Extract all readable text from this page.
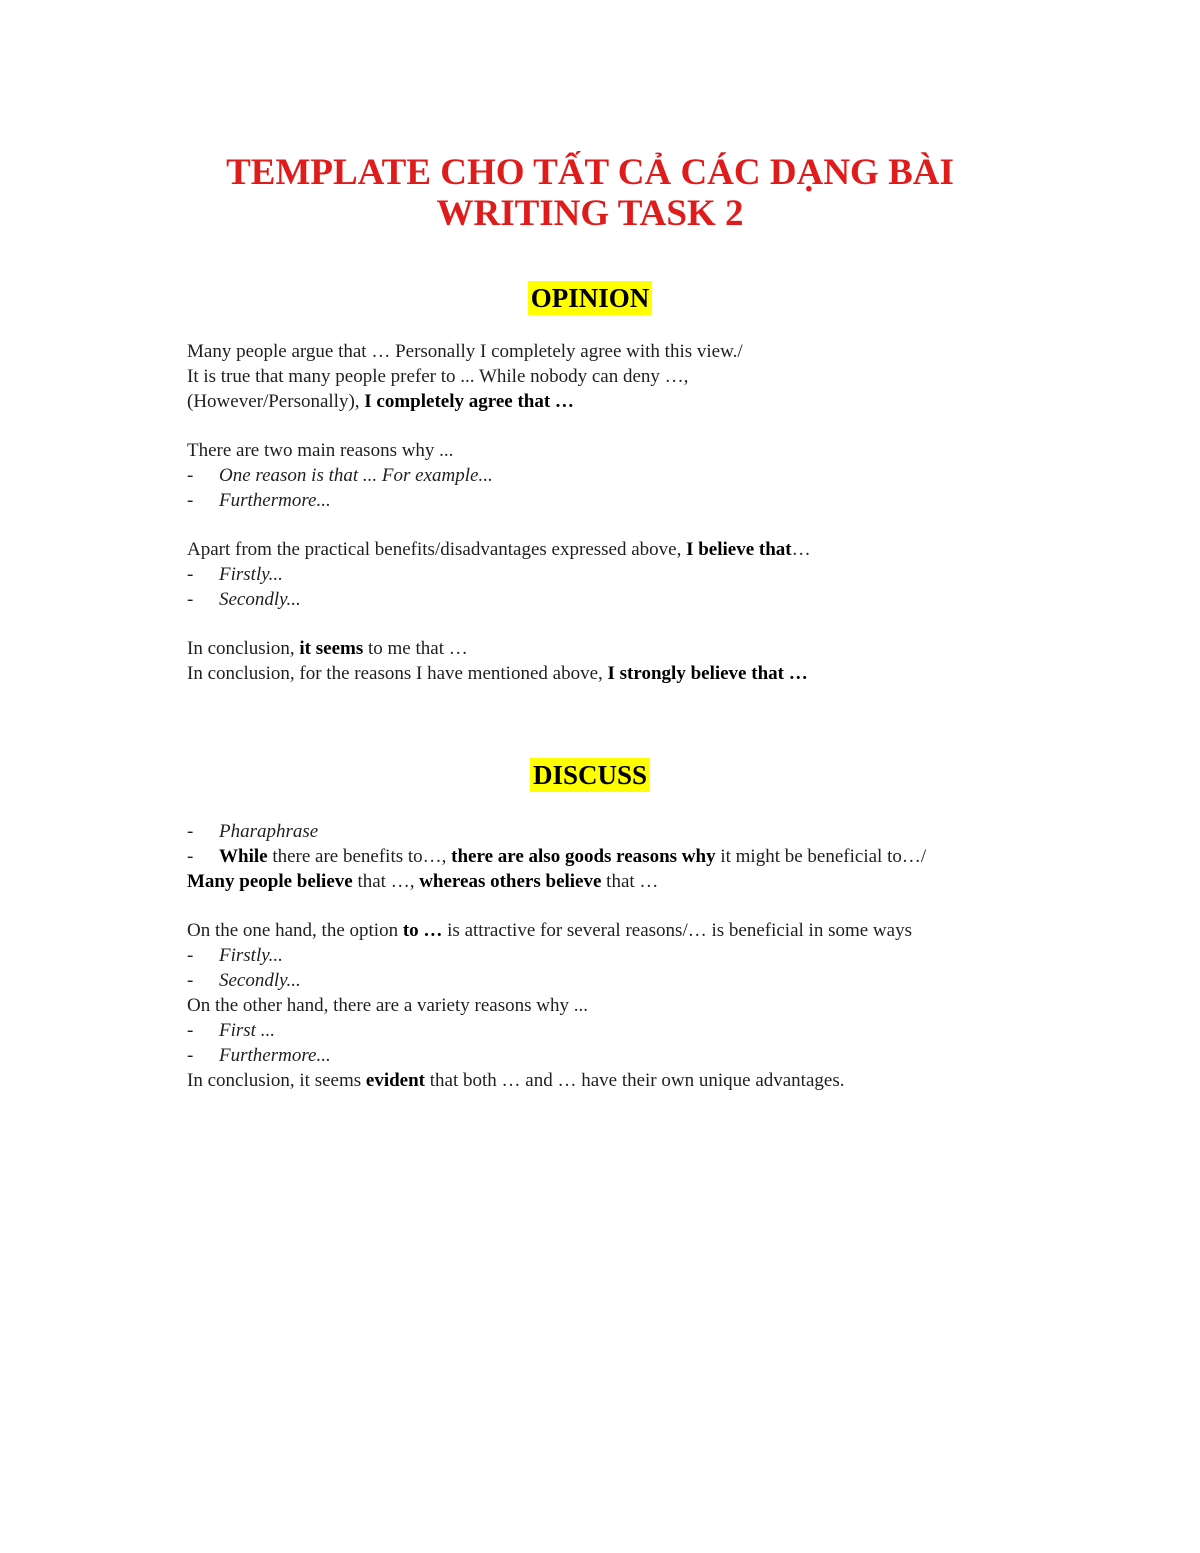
TEMPLATE CHO TẤT CẢ CÁC DẠNG BÀI
WRITING TASK 2
OPINION

Many people argue that … Personally I completely agree with this view./

It is true that many people prefer to ... While nobody can deny …,

(However/Personally), I completely agree that …

There are two main reasons why ...

- One reason is that ... For example...

- Furthermore...

Apart from the practical benefits/disadvantages expressed above, I believe that…

- Firstly...

- Secondly...

In conclusion, it seems to me that …

In conclusion, for the reasons I have mentioned above, I strongly believe that …

DISCUSS

- Pharaphrase

- While there are benefits to…, there are also goods reasons why it might be beneficial to…/

Many people believe that …, whereas others believe that …

On the one hand, the option to … is attractive for several reasons/… is beneficial in some ways

- Firstly...

- Secondly...

On the other hand, there are a variety reasons why ...

- First ...

- Furthermore...

In conclusion, it seems evident that both … and … have their own unique advantages.
